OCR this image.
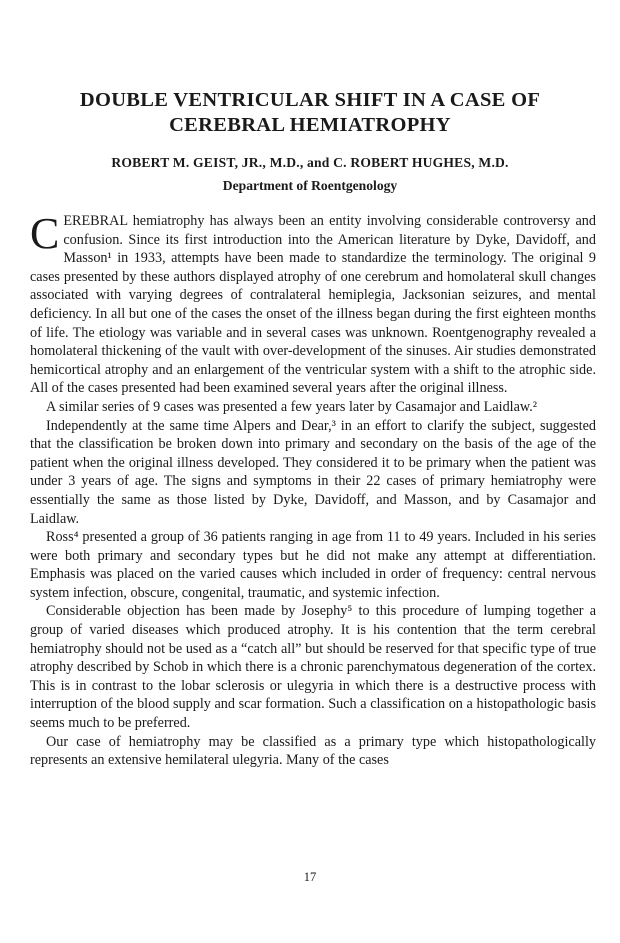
DOUBLE VENTRICULAR SHIFT IN A CASE OF
CEREBRAL HEMIATROPHY

ROBERT M. GEIST, JR., M.D., and C. ROBERT HUGHES, M.D.

Department of Roentgenology

CEREBRAL hemiatrophy has always been an entity involving considerable controversy and confusion. Since its first introduction into the American literature by Dyke, Davidoff, and Masson¹ in 1933, attempts have been made to standardize the terminology. The original 9 cases presented by these authors displayed atrophy of one cerebrum and homolateral skull changes associated with varying degrees of contralateral hemiplegia, Jacksonian seizures, and mental deficiency. In all but one of the cases the onset of the illness began during the first eighteen months of life. The etiology was variable and in several cases was unknown. Roentgenography revealed a homolateral thickening of the vault with over-development of the sinuses. Air studies demonstrated hemicortical atrophy and an enlargement of the ventricular system with a shift to the atrophic side. All of the cases presented had been examined several years after the original illness.

A similar series of 9 cases was presented a few years later by Casamajor and Laidlaw.²

Independently at the same time Alpers and Dear,³ in an effort to clarify the subject, suggested that the classification be broken down into primary and secondary on the basis of the age of the patient when the original illness developed. They considered it to be primary when the patient was under 3 years of age. The signs and symptoms in their 22 cases of primary hemiatrophy were essentially the same as those listed by Dyke, Davidoff, and Masson, and by Casamajor and Laidlaw.

Ross⁴ presented a group of 36 patients ranging in age from 11 to 49 years. Included in his series were both primary and secondary types but he did not make any attempt at differentiation. Emphasis was placed on the varied causes which included in order of frequency: central nervous system infection, obscure, congenital, traumatic, and systemic infection.

Considerable objection has been made by Josephy⁵ to this procedure of lumping together a group of varied diseases which produced atrophy. It is his contention that the term cerebral hemiatrophy should not be used as a “catch all” but should be reserved for that specific type of true atrophy described by Schob in which there is a chronic parenchymatous degeneration of the cortex. This is in contrast to the lobar sclerosis or ulegyria in which there is a destructive process with interruption of the blood supply and scar formation. Such a classification on a histopathologic basis seems much to be preferred.

Our case of hemiatrophy may be classified as a primary type which histopathologically represents an extensive hemilateral ulegyria. Many of the cases

17
